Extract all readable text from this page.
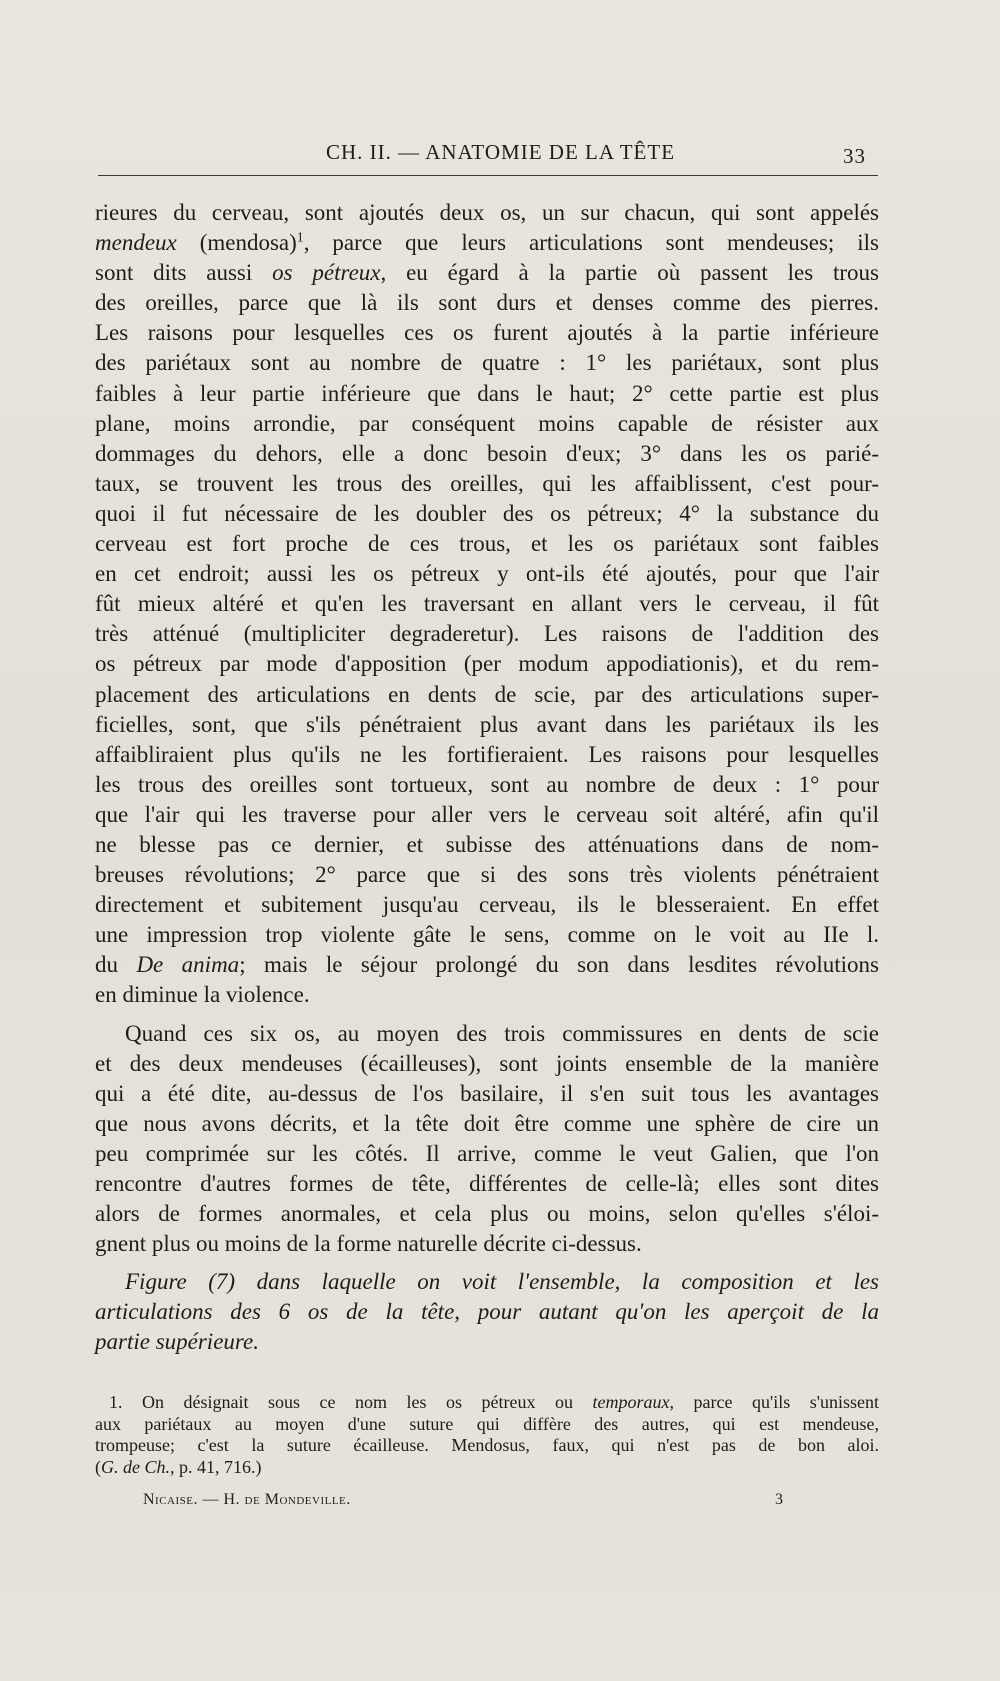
CH. II. — ANATOMIE DE LA TÊTE	33
rieures du cerveau, sont ajoutés deux os, un sur chacun, qui sont appelés
mendeux (mendosa)$^1$, parce que leurs articulations sont mendeuses; ils
sont dits aussi os pétreux, eu égard à la partie où passent les trous
des oreilles, parce que là ils sont durs et denses comme des pierres.
Les raisons pour lesquelles ces os furent ajoutés à la partie inférieure
des pariétaux sont au nombre de quatre : 1° les pariétaux, sont plus
faibles à leur partie inférieure que dans le haut; 2° cette partie est plus
plane, moins arrondie, par conséquent moins capable de résister aux
dommages du dehors, elle a donc besoin d'eux; 3° dans les os parié-
taux, se trouvent les trous des oreilles, qui les affaiblissent, c'est pour-
quoi il fut nécessaire de les doubler des os pétreux; 4° la substance du
cerveau est fort proche de ces trous, et les os pariétaux sont faibles
en cet endroit; aussi les os pétreux y ont-ils été ajoutés, pour que l'air
fût mieux altéré et qu'en les traversant en allant vers le cerveau, il fût
très atténué (multipliciter degraderetur). Les raisons de l'addition des
os pétreux par mode d'apposition (per modum appodiationis), et du rem-
placement des articulations en dents de scie, par des articulations super-
ficielles, sont, que s'ils pénétraient plus avant dans les pariétaux ils les
affaibliraient plus qu'ils ne les fortifieraient. Les raisons pour lesquelles
les trous des oreilles sont tortueux, sont au nombre de deux : 1° pour
que l'air qui les traverse pour aller vers le cerveau soit altéré, afin qu'il
ne blesse pas ce dernier, et subisse des atténuations dans de nom-
breuses révolutions; 2° parce que si des sons très violents pénétraient
directement et subitement jusqu'au cerveau, ils le blesseraient. En effet
une impression trop violente gâte le sens, comme on le voit au IIe l.
du De anima; mais le séjour prolongé du son dans lesdites révolutions
en diminue la violence.
Quand ces six os, au moyen des trois commissures en dents de scie
et des deux mendeuses (écailleuses), sont joints ensemble de la manière
qui a été dite, au-dessus de l'os basilaire, il s'en suit tous les avantages
que nous avons décrits, et la tête doit être comme une sphère de cire un
peu comprimée sur les côtés. Il arrive, comme le veut Galien, que l'on
rencontre d'autres formes de tête, différentes de celle-là; elles sont dites
alors de formes anormales, et cela plus ou moins, selon qu'elles s'éloi-
gnent plus ou moins de la forme naturelle décrite ci-dessus.
Figure (7) dans laquelle on voit l'ensemble, la composition et les
articulations des 6 os de la tête, pour autant qu'on les aperçoit de la
partie supérieure.
1. On désignait sous ce nom les os pétreux ou temporaux, parce qu'ils s'unissent
aux pariétaux au moyen d'une suture qui diffère des autres, qui est mendeuse,
trompeuse; c'est la suture écailleuse. Mendosus, faux, qui n'est pas de bon aloi.
(G. de Ch., p. 41, 716.)
Nicaise. — H. de Mondeville.	3
